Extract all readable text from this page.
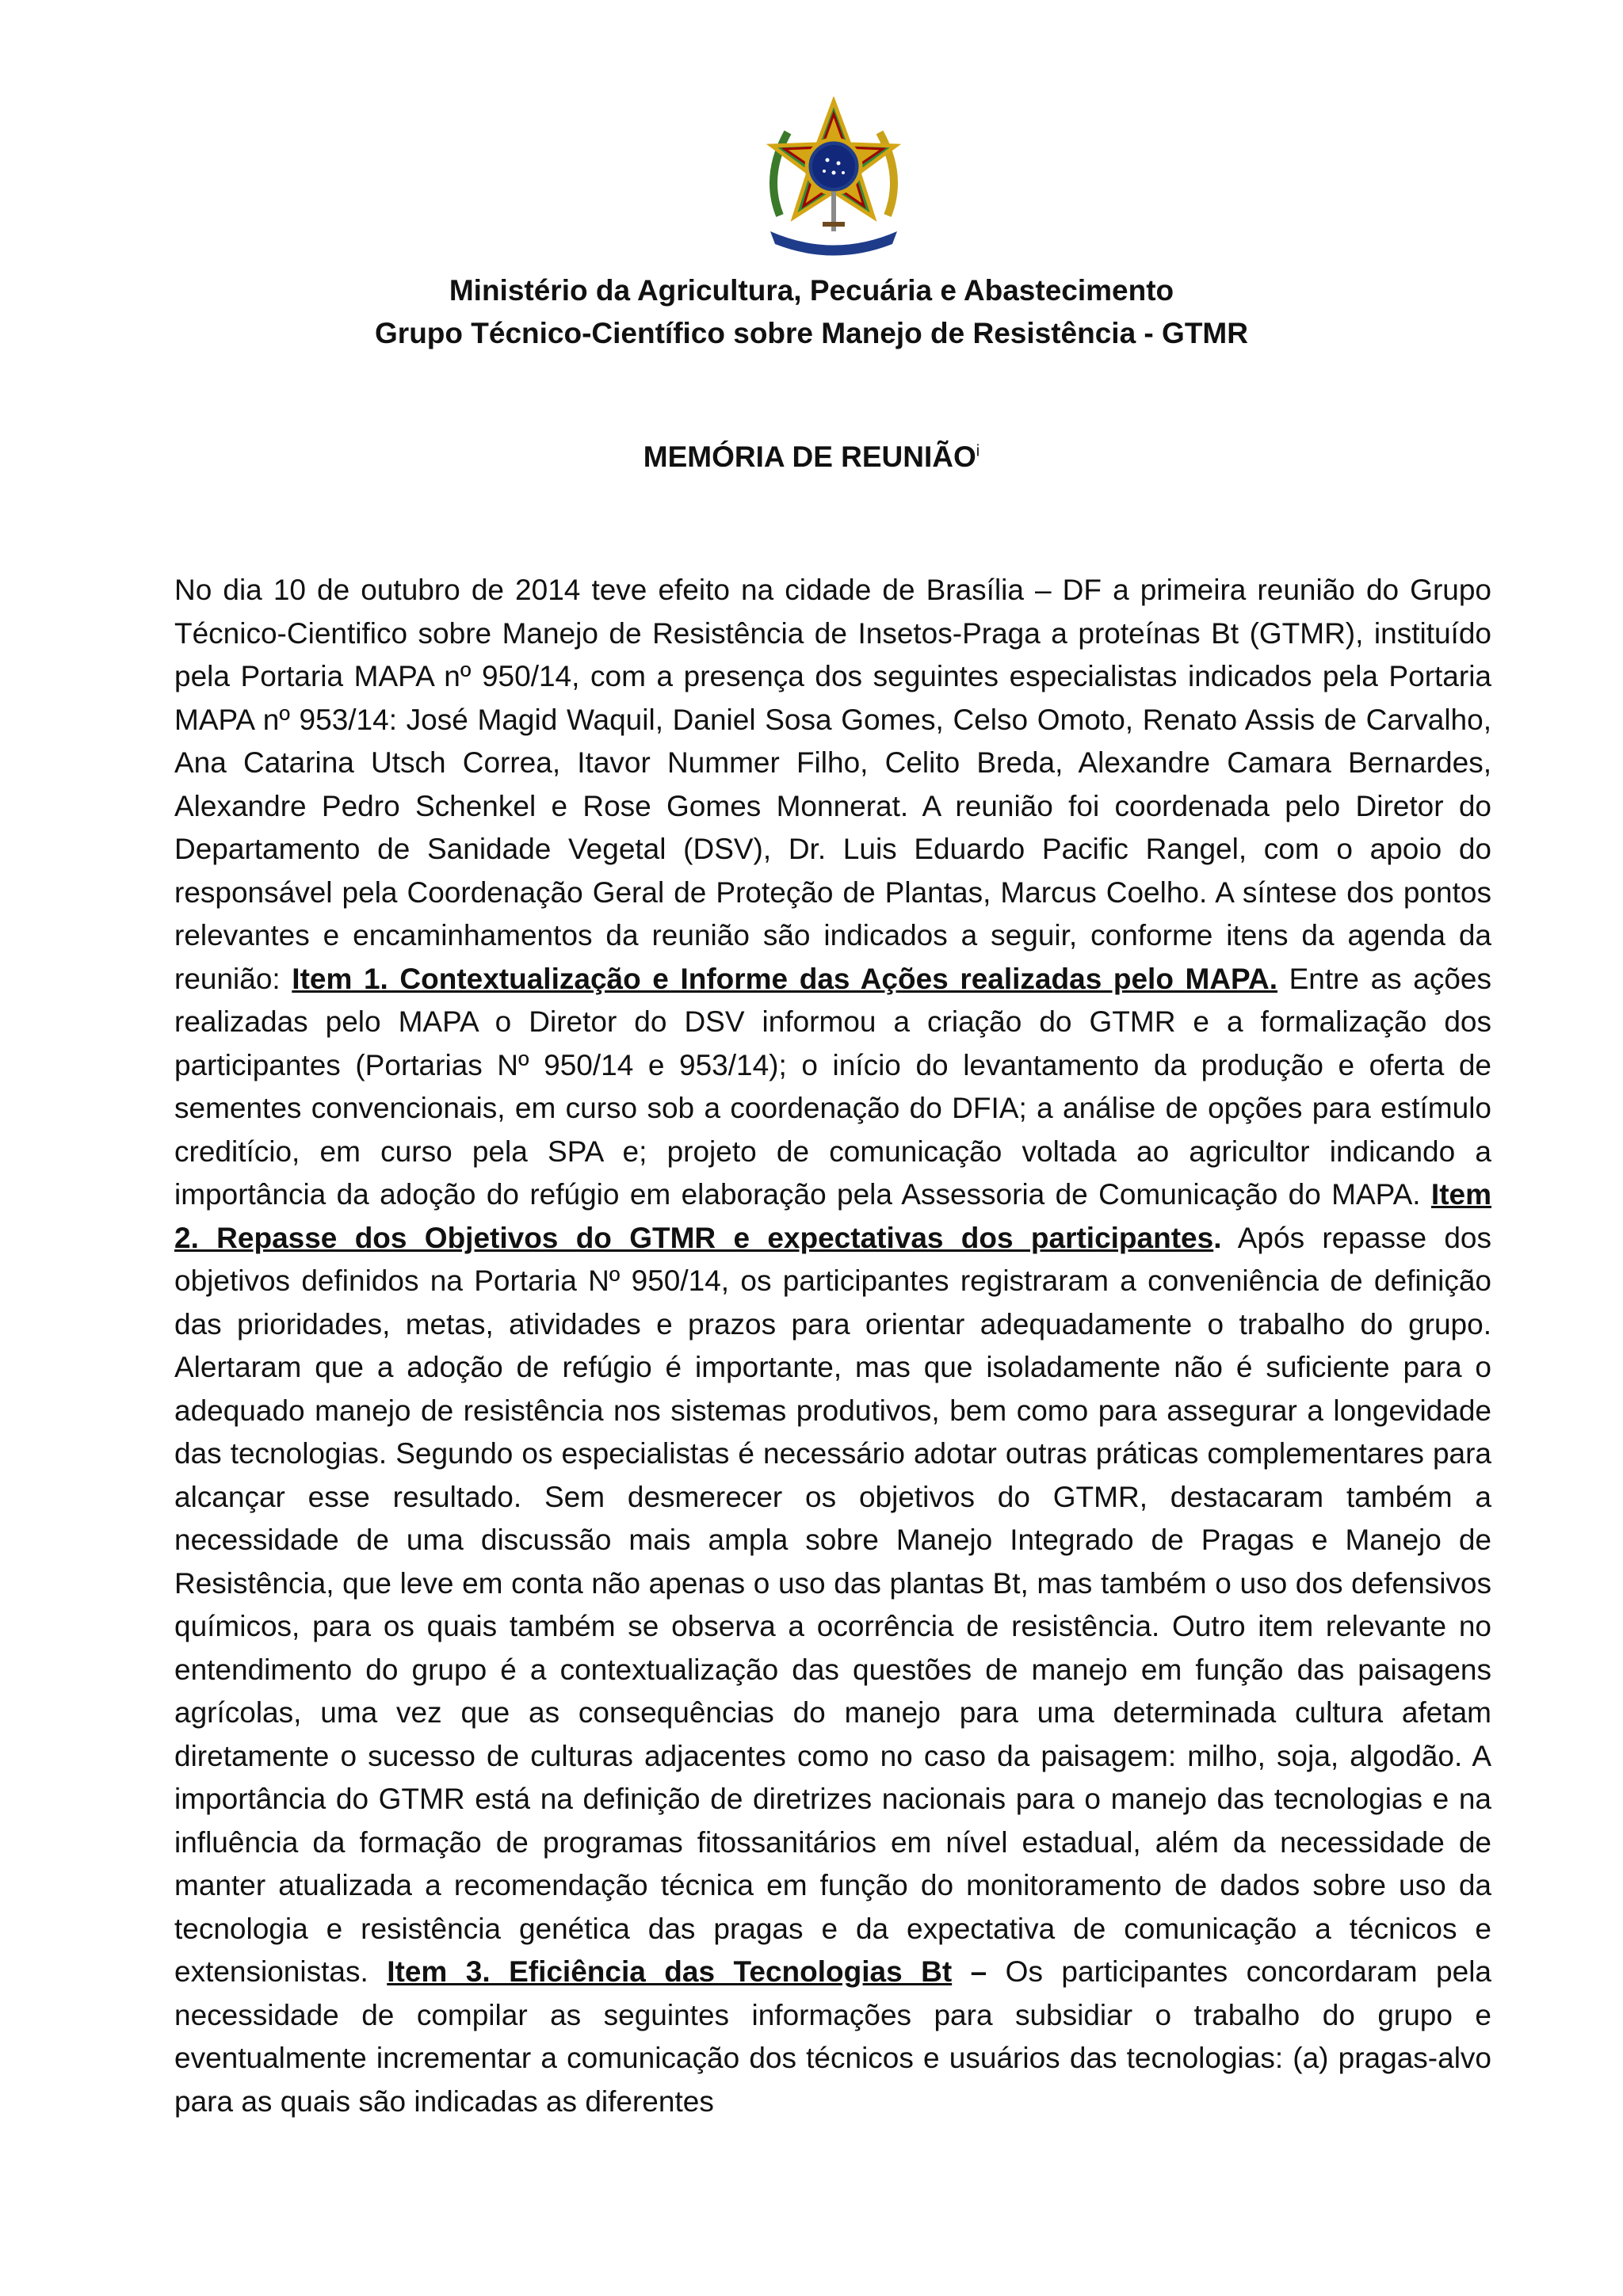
Ministério da Agricultura, Pecuária e Abastecimento
Grupo Técnico-Científico sobre Manejo de Resistência - GTMR
MEMÓRIA DE REUNIÃO$^i$
No dia 10 de outubro de 2014 teve efeito na cidade de Brasília – DF a primeira reunião do Grupo Técnico-Cientifico sobre Manejo de Resistência de Insetos-Praga a proteínas Bt (GTMR), instituído pela Portaria MAPA nº 950/14, com a presença dos seguintes especialistas indicados pela Portaria MAPA nº 953/14: José Magid Waquil, Daniel Sosa Gomes, Celso Omoto, Renato Assis de Carvalho, Ana Catarina Utsch Correa, Itavor Nummer Filho, Celito Breda, Alexandre Camara Bernardes, Alexandre Pedro Schenkel e Rose Gomes Monnerat. A reunião foi coordenada pelo Diretor do Departamento de Sanidade Vegetal (DSV), Dr. Luis Eduardo Pacific Rangel, com o apoio do responsável pela Coordenação Geral de Proteção de Plantas, Marcus Coelho. A síntese dos pontos relevantes e encaminhamentos da reunião são indicados a seguir, conforme itens da agenda da reunião: Item 1. Contextualização e Informe das Ações realizadas pelo MAPA. Entre as ações realizadas pelo MAPA o Diretor do DSV informou a criação do GTMR e a formalização dos participantes (Portarias Nº 950/14 e 953/14); o início do levantamento da produção e oferta de sementes convencionais, em curso sob a coordenação do DFIA; a análise de opções para estímulo creditício, em curso pela SPA e; projeto de comunicação voltada ao agricultor indicando a importância da adoção do refúgio em elaboração pela Assessoria de Comunicação do MAPA. Item 2. Repasse dos Objetivos do GTMR e expectativas dos participantes. Após repasse dos objetivos definidos na Portaria Nº 950/14, os participantes registraram a conveniência de definição das prioridades, metas, atividades e prazos para orientar adequadamente o trabalho do grupo. Alertaram que a adoção de refúgio é importante, mas que isoladamente não é suficiente para o adequado manejo de resistência nos sistemas produtivos, bem como para assegurar a longevidade das tecnologias. Segundo os especialistas é necessário adotar outras práticas complementares para alcançar esse resultado. Sem desmerecer os objetivos do GTMR, destacaram também a necessidade de uma discussão mais ampla sobre Manejo Integrado de Pragas e Manejo de Resistência, que leve em conta não apenas o uso das plantas Bt, mas também o uso dos defensivos químicos, para os quais também se observa a ocorrência de resistência. Outro item relevante no entendimento do grupo é a contextualização das questões de manejo em função das paisagens agrícolas, uma vez que as consequências do manejo para uma determinada cultura afetam diretamente o sucesso de culturas adjacentes como no caso da paisagem: milho, soja, algodão. A importância do GTMR está na definição de diretrizes nacionais para o manejo das tecnologias e na influência da formação de programas fitossanitários em nível estadual, além da necessidade de manter atualizada a recomendação técnica em função do monitoramento de dados sobre uso da tecnologia e resistência genética das pragas e da expectativa de comunicação a técnicos e extensionistas. Item 3. Eficiência das Tecnologias Bt – Os participantes concordaram pela necessidade de compilar as seguintes informações para subsidiar o trabalho do grupo e eventualmente incrementar a comunicação dos técnicos e usuários das tecnologias: (a) pragas-alvo para as quais são indicadas as diferentes
